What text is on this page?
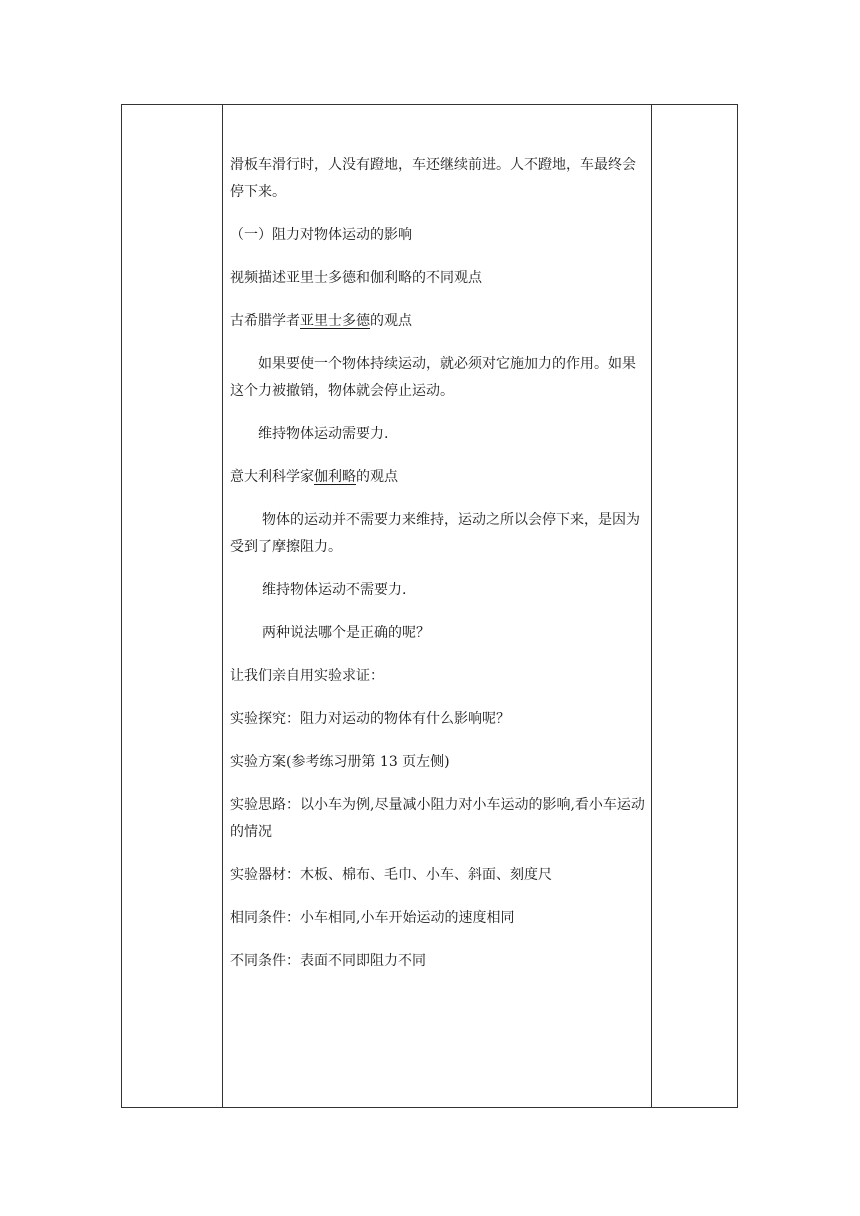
滑板车滑行时，人没有蹬地，车还继续前进。人不蹬地，车最终会停下来。

（一）阻力对物体运动的影响

视频描述亚里士多德和伽利略的不同观点

古希腊学者亚里士多德的观点

如果要使一个物体持续运动，就必须对它施加力的作用。如果这个力被撤销，物体就会停止运动。

维持物体运动需要力.

意大利科学家伽利略的观点

物体的运动并不需要力来维持，运动之所以会停下来，是因为受到了摩擦阻力。

维持物体运动不需要力.

两种说法哪个是正确的呢？

让我们亲自用实验求证：

实验探究：阻力对运动的物体有什么影响呢？

实验方案(参考练习册第 13 页左侧)

实验思路：以小车为例,尽量减小阻力对小车运动的影响,看小车运动的情况

实验器材：木板、棉布、毛巾、小车、斜面、刻度尺

相同条件：小车相同,小车开始运动的速度相同

不同条件：表面不同即阻力不同
